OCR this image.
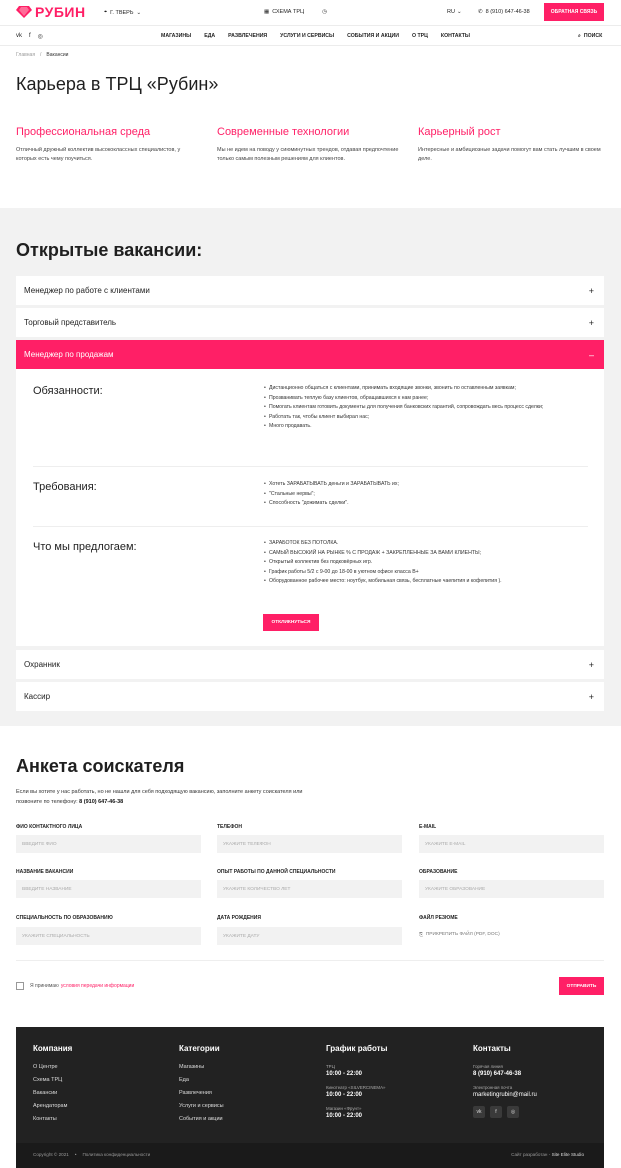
РУБИН	⌖ Г. ТВЕРЬ ⌄	▦ СХЕМА ТРЦ	◷	RU ⌄	✆ 8 (910) 647-46-38	ОБРАТНАЯ СВЯЗЬ
vk f ◎	МАГАЗИНЫ	ЕДА	РАЗВЛЕЧЕНИЯ	УСЛУГИ И СЕРВИСЫ	СОБЫТИЯ И АКЦИИ	О ТРЦ	КОНТАКТЫ	⌕ ПОИСК
Главная / Вакансии
Карьера в ТРЦ «Рубин»
Профессиональная среда

Отличный дружный коллектив высококлассных специалистов, у которых есть чему поучиться.

Современные технологии

Мы не идем на поводу у сиюминутных трендов, отдавая предпочтение только самым полезным решениям для клиентов.

Карьерный рост

Интересные и амбициозные задачи помогут вам стать лучшим в своем деле.

Открытые вакансии:
Менеджер по работе с клиентами	+
Торговый представитель	+
Менеджер по продажам	–
Обязанности:	• Дистанционно общаться с клиентами, принимать входящие звонки, звонить по оставленным заявкам;
• Прозванивать теплую базу клиентов, обращавшихся к нам ранее;
• Помогать клиентам готовить документы для получения банковских гарантий, сопровождать весь процесс сделки;
• Работать так, чтобы клиент выбирал нас;
• Много продавать.
Требования:	• Хотеть ЗАРАБАТЫВАТЬ деньги и ЗАРАБАТЫВАТЬ их;
• "Стальные нервы";
• Способность "дожимать сделки".
Что мы предлогаем:	• ЗАРАБОТОК БЕЗ ПОТОЛКА.
• САМЫЙ ВЫСОКИЙ НА РЫНКЕ % С ПРОДАЖ + ЗАКРЕПЛЕННЫЕ ЗА ВАМИ КЛИЕНТЫ;
• Открытый коллектив без подковёрных игр.
• График работы 5/2 с 9-00 до 18-00 в уютном офисе класса В+
• Оборудованное рабочее место: ноутбук, мобильная связь, бесплатные чаепития и кофепития ).
ОТКЛИКНУТЬСЯ
Охранник	+
Кассир	+
Анкета соискателя

Если вы хотите у нас работать, но не нашли для себя подходящую вакансию, заполните анкету соискателя или позвоните по телефону: 8 (910) 647-46-38

ФИО КОНТАКТНОГО ЛИЦА
ВВЕДИТЕ ФИО
ТЕЛЕФОН
УКАЖИТЕ ТЕЛЕФОН
E-MAIL
УКАЖИТЕ E-MAIL
НАЗВАНИЕ ВАКАНСИИ
ВВЕДИТЕ НАЗВАНИЕ
ОПЫТ РАБОТЫ ПО ДАННОЙ СПЕЦИАЛЬНОСТИ
УКАЖИТЕ КОЛИЧЕСТВО ЛЕТ
ОБРАЗОВАНИЕ
УКАЖИТЕ ОБРАЗОВАНИЕ
СПЕЦИАЛЬНОСТЬ ПО ОБРАЗОВАНИЮ
УКАЖИТЕ СПЕЦИАЛЬНОСТЬ
ДАТА РОЖДЕНИЯ
УКАЖИТЕ ДАТУ
ФАЙЛ РЕЗЮМЕ
⎘ ПРИКРЕПИТЬ ФАЙЛ (PDF, DOC)
Я принимаю условия передачи информации	ОТПРАВИТЬ
Компания
О Центре
Схема ТРЦ
Вакансии
Арендаторам
Контакты
Категории
Магазины
Еда
Развлечения
Услуги и сервисы
События и акции
График работы
ТРЦ
10:00 - 22:00
Кинотеатр «SILVERCINEMA»
10:00 - 22:00
Магазин «Фрунт»
10:00 - 22:00
Контакты
Горячая линия
8 (910) 647-46-38
Электронная почта
marketingrubin@mail.ru
vk	f	◎
Copyright © 2021 • Политика конфиденциальности	Сайт разработан - Site Elite Studio
